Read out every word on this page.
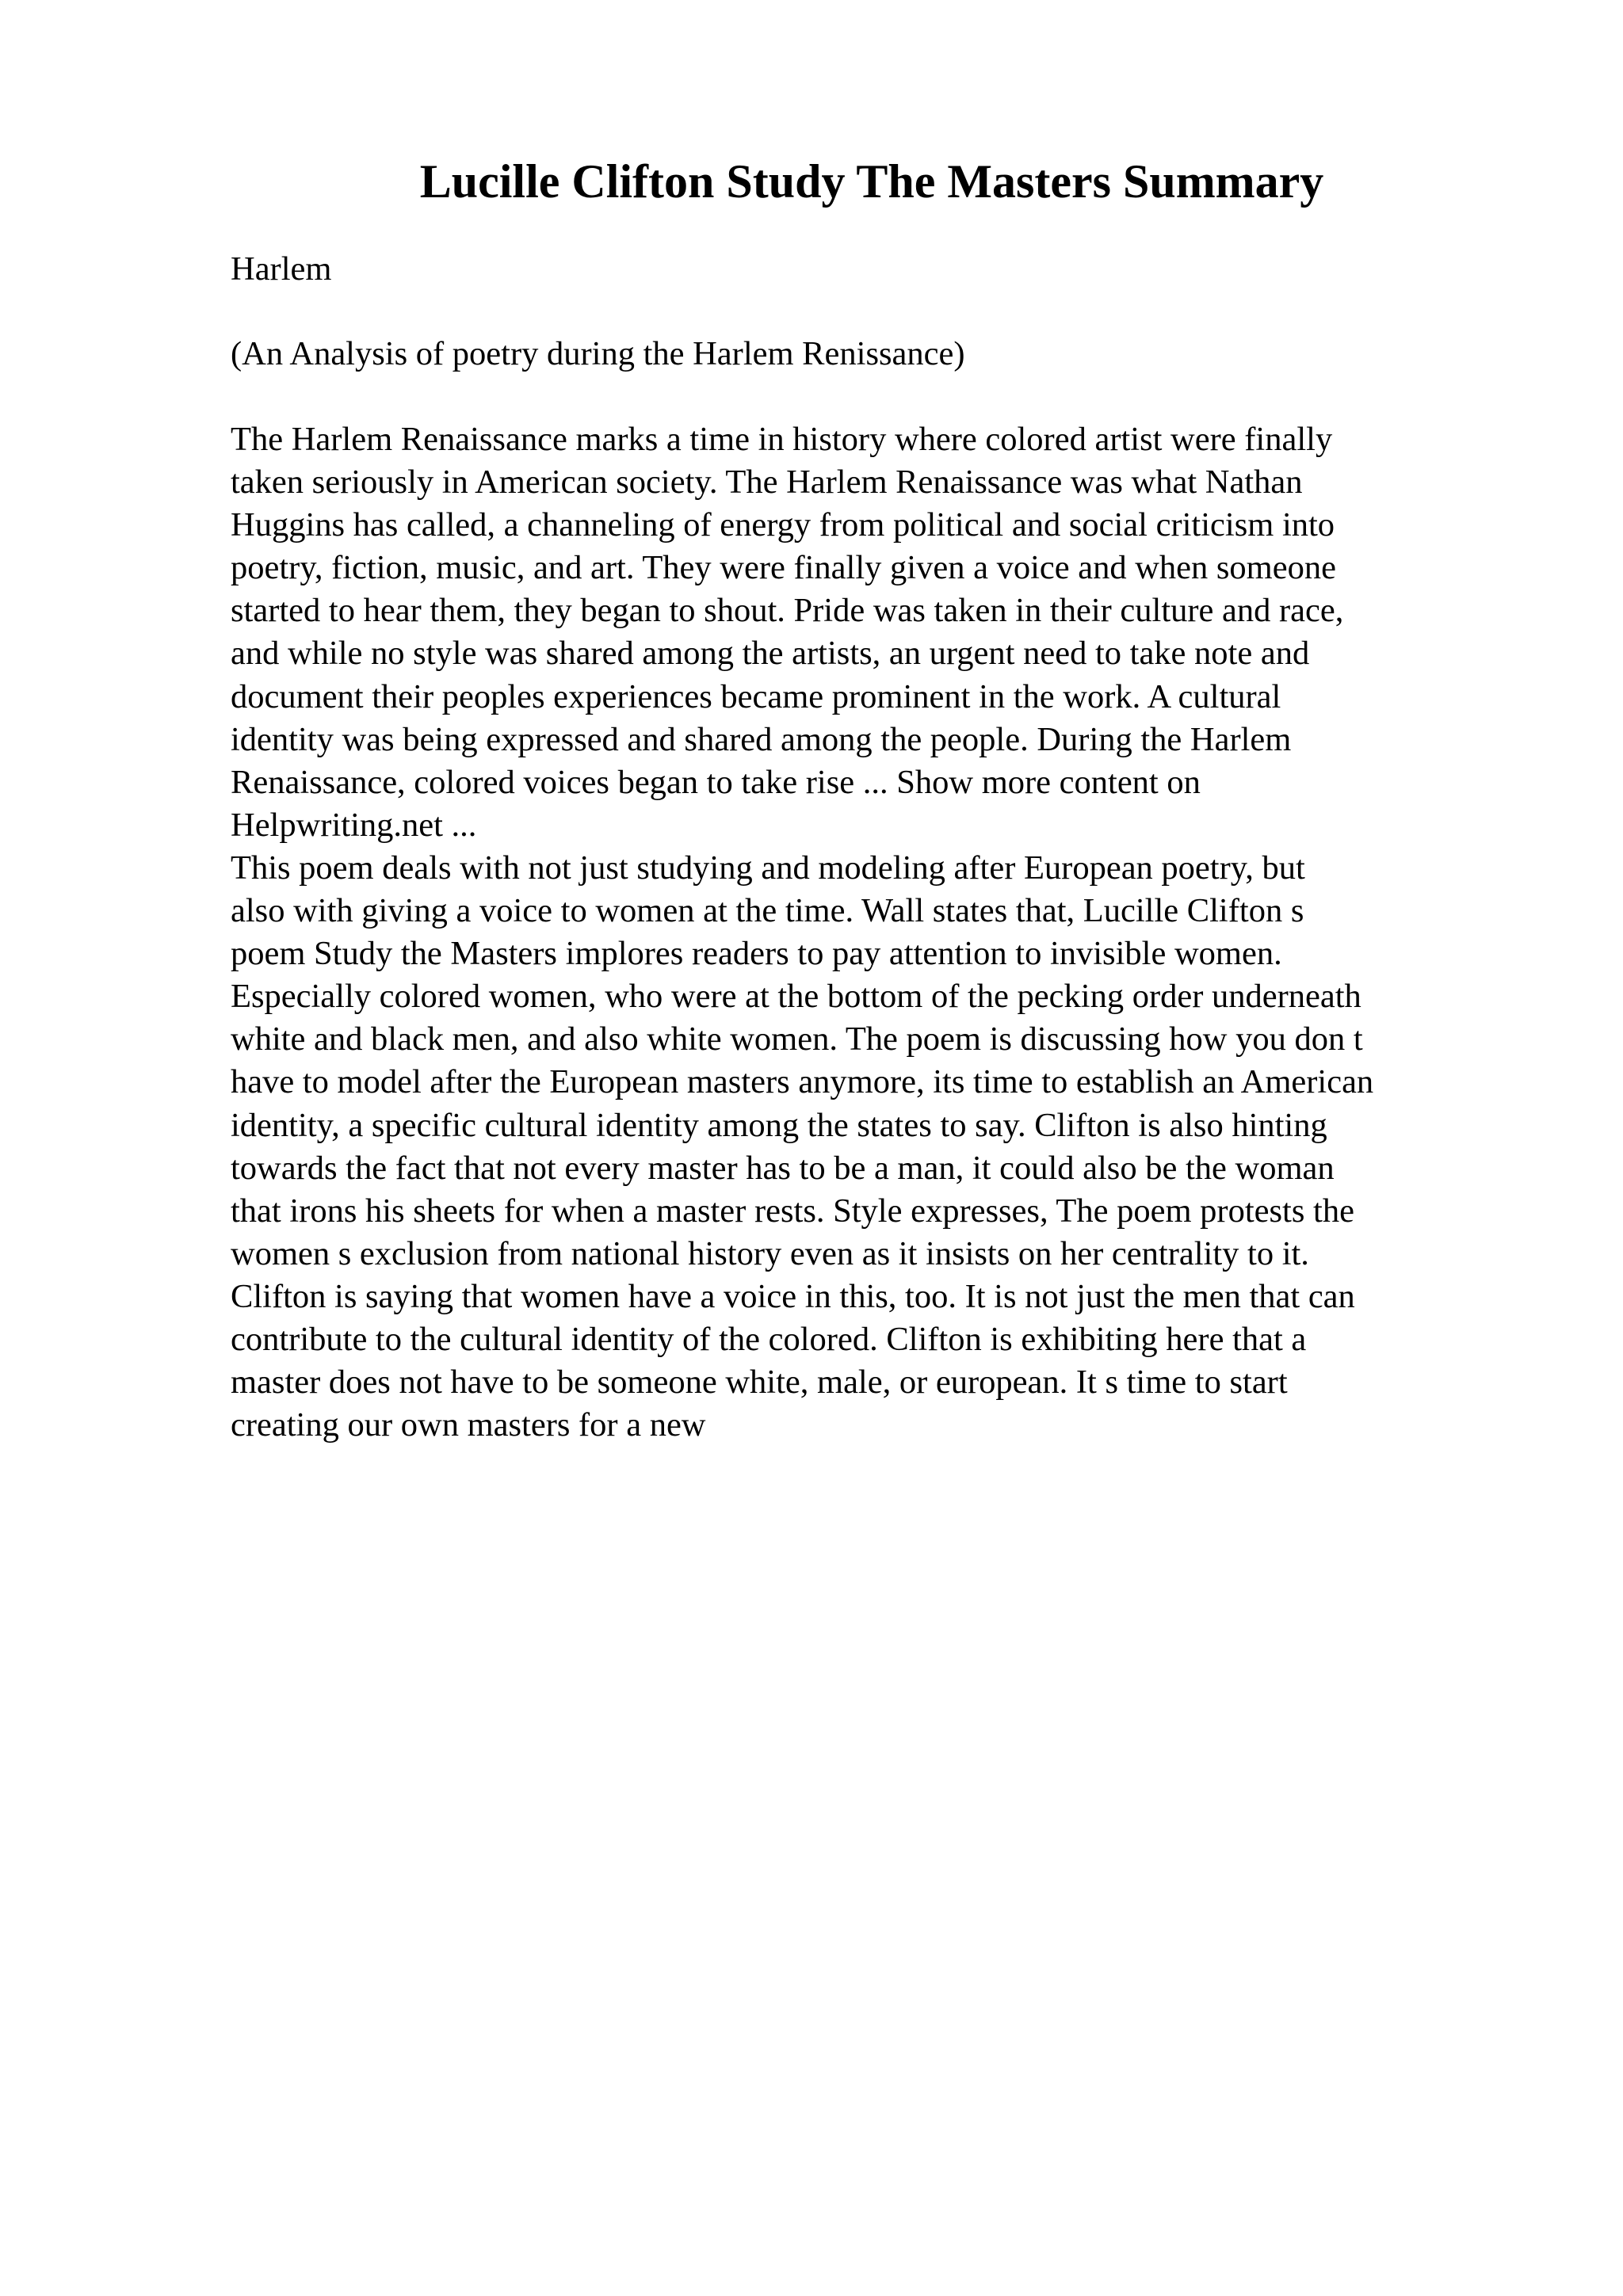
Lucille Clifton Study The Masters Summary

Harlem

(An Analysis of poetry during the Harlem Renissance)

The Harlem Renaissance marks a time in history where colored artist were finally
taken seriously in American society. The Harlem Renaissance was what Nathan
Huggins has called, a channeling of energy from political and social criticism into
poetry, fiction, music, and art. They were finally given a voice and when someone
started to hear them, they began to shout. Pride was taken in their culture and race,
and while no style was shared among the artists, an urgent need to take note and
document their peoples experiences became prominent in the work. A cultural
identity was being expressed and shared among the people. During the Harlem
Renaissance, colored voices began to take rise ... Show more content on
Helpwriting.net ...
This poem deals with not just studying and modeling after European poetry, but
also with giving a voice to women at the time. Wall states that, Lucille Clifton s
poem Study the Masters implores readers to pay attention to invisible women.
Especially colored women, who were at the bottom of the pecking order underneath
white and black men, and also white women. The poem is discussing how you don t
have to model after the European masters anymore, its time to establish an American
identity, a specific cultural identity among the states to say. Clifton is also hinting
towards the fact that not every master has to be a man, it could also be the woman
that irons his sheets for when a master rests. Style expresses, The poem protests the
women s exclusion from national history even as it insists on her centrality to it.
Clifton is saying that women have a voice in this, too. It is not just the men that can
contribute to the cultural identity of the colored. Clifton is exhibiting here that a
master does not have to be someone white, male, or european. It s time to start
creating our own masters for a new
